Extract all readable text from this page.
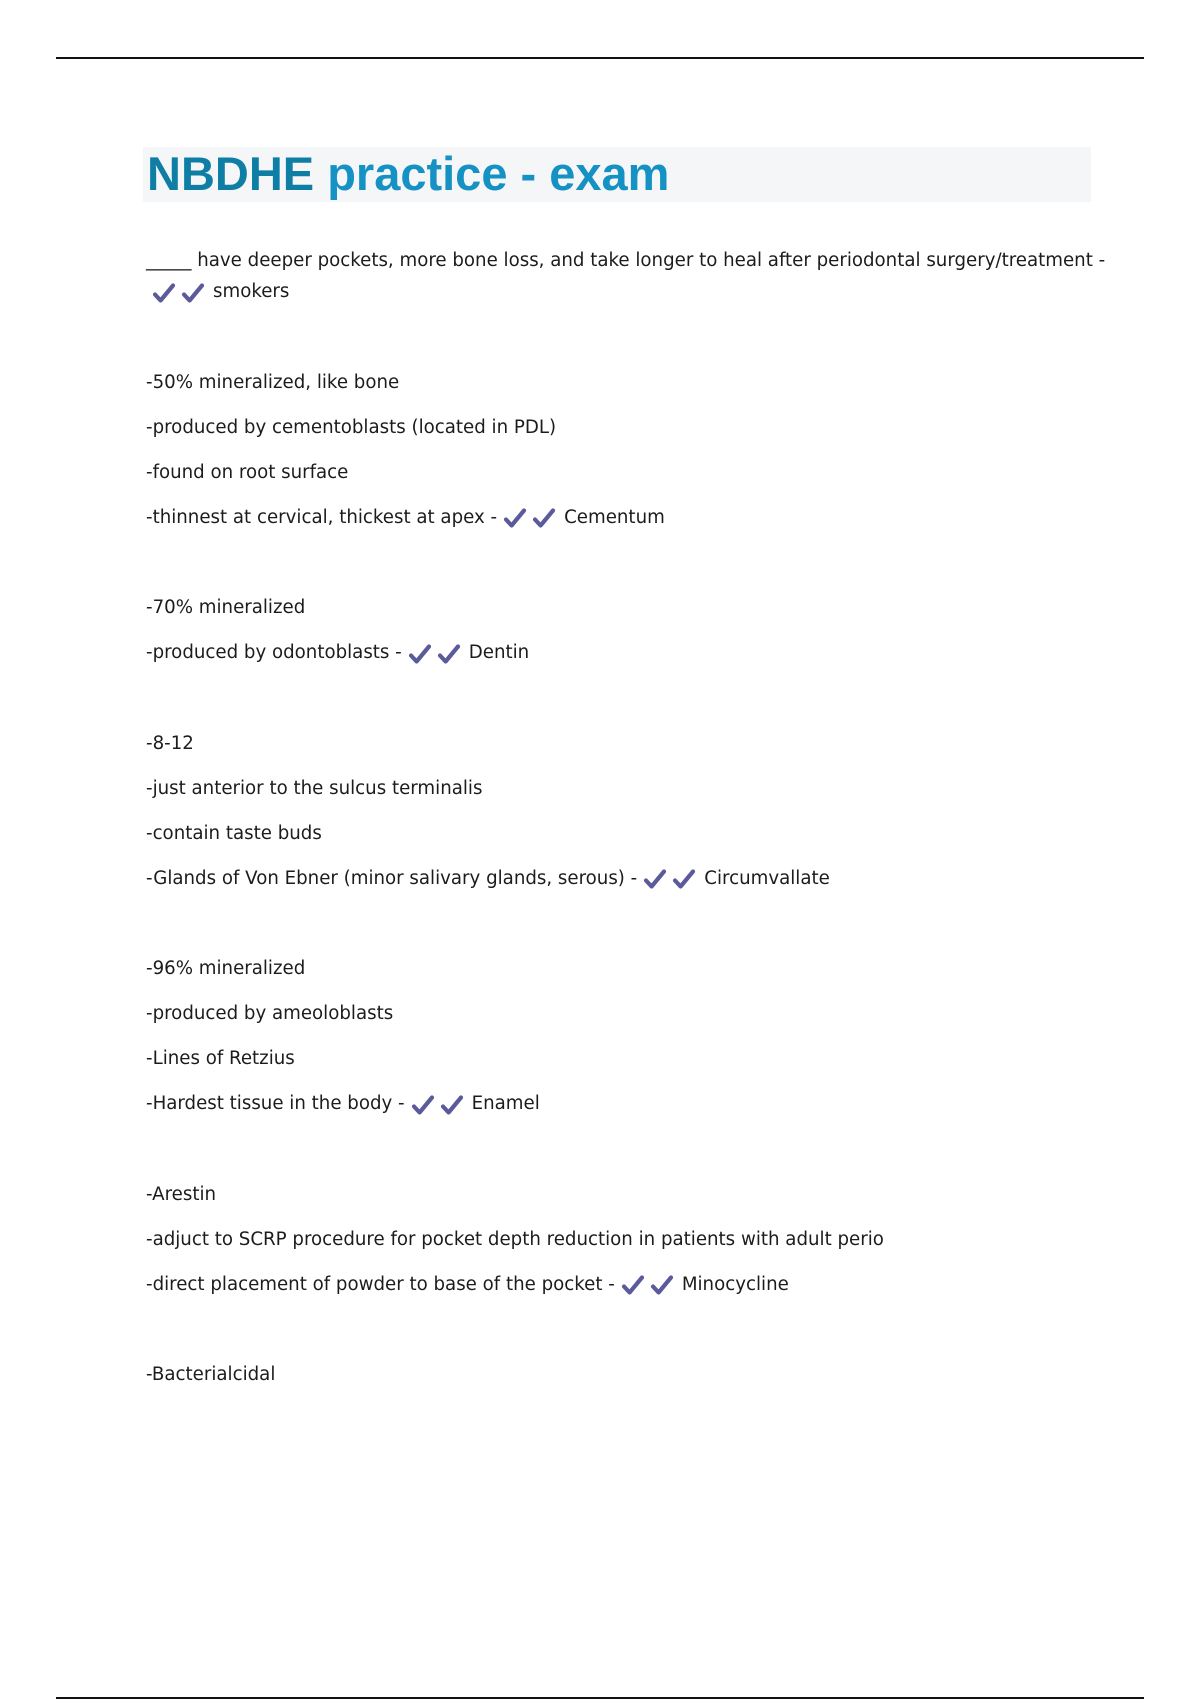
NBDHE practice - exam
_____ have deeper pockets, more bone loss, and take longer to heal after periodontal surgery/treatment -
smokers
-50% mineralized, like bone
-produced by cementoblasts (located in PDL)
-found on root surface
-thinnest at cervical, thickest at apex -	Cementum
-70% mineralized
-produced by odontoblasts -	Dentin
-8-12
-just anterior to the sulcus terminalis
-contain taste buds
-Glands of Von Ebner (minor salivary glands, serous) -	Circumvallate
-96% mineralized
-produced by ameoloblasts
-Lines of Retzius
-Hardest tissue in the body -	Enamel
-Arestin
-adjuct to SCRP procedure for pocket depth reduction in patients with adult perio
-direct placement of powder to base of the pocket -	Minocycline
-Bacterialcidal
